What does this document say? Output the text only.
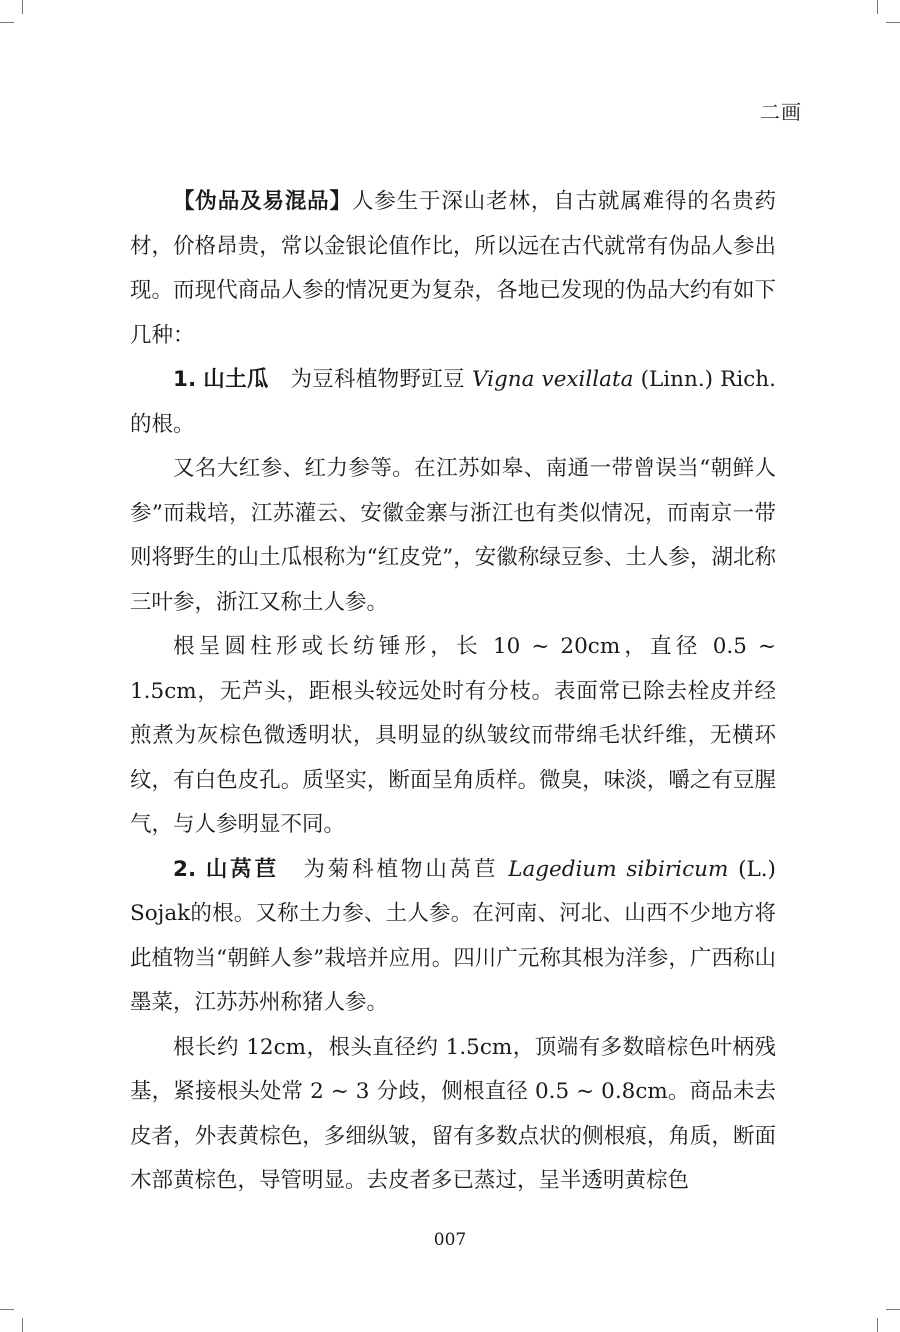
二画

【伪品及易混品】人参生于深山老林，自古就属难得的名贵药材，价格昂贵，常以金银论值作比，所以远在古代就常有伪品人参出现。而现代商品人参的情况更为复杂，各地已发现的伪品大约有如下几种：

1. 山土瓜  为豆科植物野豇豆 Vigna vexillata (Linn.) Rich.的根。

又名大红参、红力参等。在江苏如皋、南通一带曾误当“朝鲜人参”而栽培，江苏灌云、安徽金寨与浙江也有类似情况，而南京一带则将野生的山土瓜根称为“红皮党”，安徽称绿豆参、土人参，湖北称三叶参，浙江又称土人参。

根呈圆柱形或长纺锤形，长 10 ~ 20cm，直径 0.5 ~ 1.5cm，无芦头，距根头较远处时有分枝。表面常已除去栓皮并经煎煮为灰棕色微透明状，具明显的纵皱纹而带绵毛状纤维，无横环纹，有白色皮孔。质坚实，断面呈角质样。微臭，味淡，嚼之有豆腥气，与人参明显不同。

2. 山莴苣  为菊科植物山莴苣 Lagedium sibiricum (L.) Sojak的根。又称土力参、土人参。在河南、河北、山西不少地方将此植物当“朝鲜人参”栽培并应用。四川广元称其根为洋参，广西称山墨菜，江苏苏州称猪人参。

根长约 12cm，根头直径约 1.5cm，顶端有多数暗棕色叶柄残基，紧接根头处常 2 ~ 3 分歧，侧根直径 0.5 ~ 0.8cm。商品未去皮者，外表黄棕色，多细纵皱，留有多数点状的侧根痕，角质，断面木部黄棕色，导管明显。去皮者多已蒸过，呈半透明黄棕色

007
